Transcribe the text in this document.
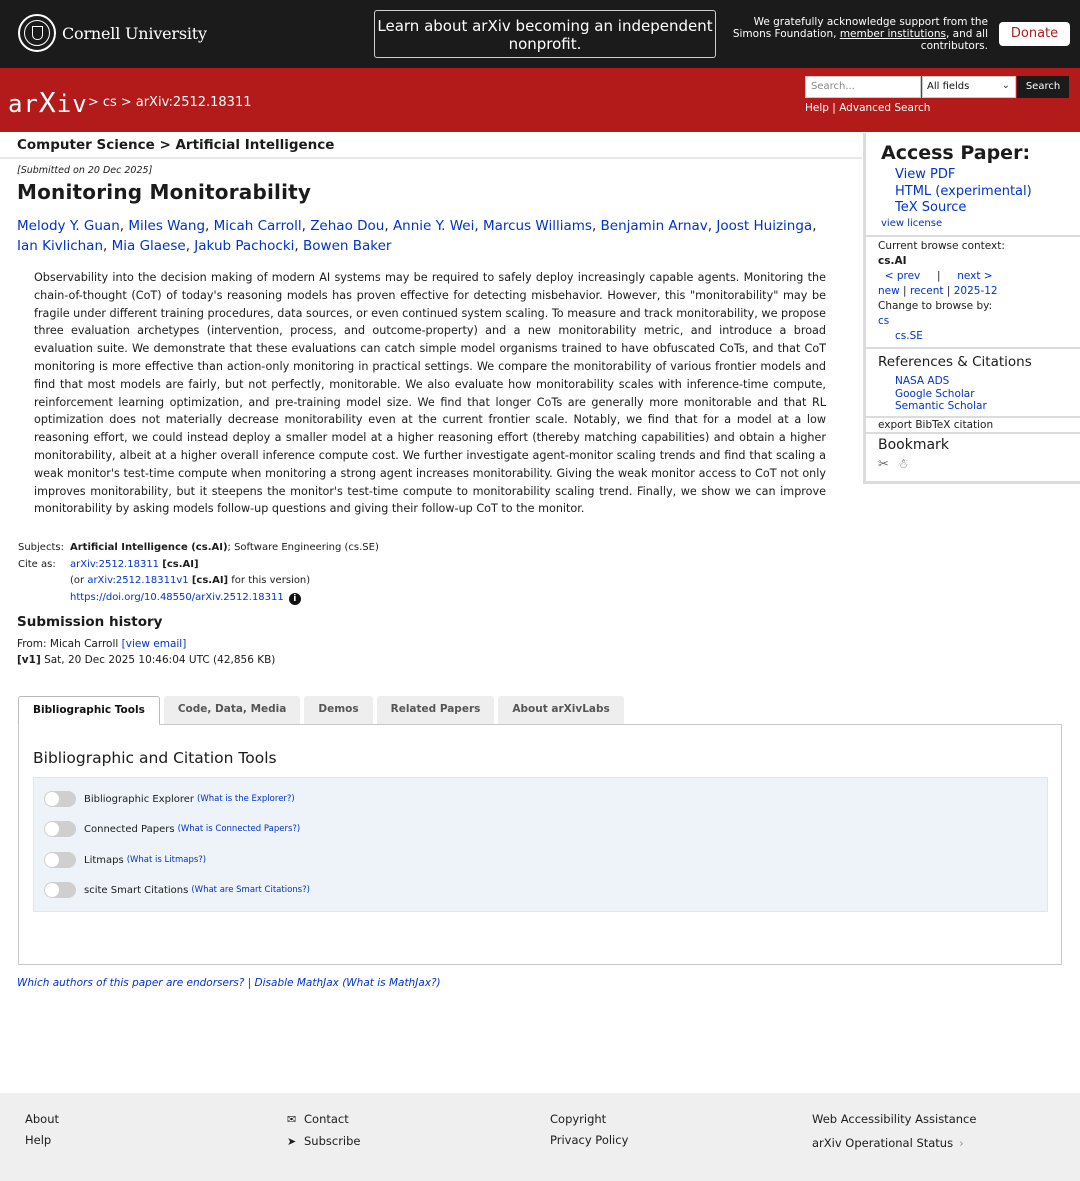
Cornell University	Learn about arXiv becoming an independent nonprofit.
We gratefully acknowledge support from the Simons Foundation, member institutions, and all contributors.
Donate
arXiv > cs > arXiv:2512.18311
Search...	All fields	⌄	Search
Help | Advanced Search
Computer Science > Artificial Intelligence
[Submitted on 20 Dec 2025]
Monitoring Monitorability
Melody Y. Guan, Miles Wang, Micah Carroll, Zehao Dou, Annie Y. Wei, Marcus Williams, Benjamin Arnav, Joost Huizinga, Ian Kivlichan, Mia Glaese, Jakub Pachocki, Bowen Baker
Observability into the decision making of modern AI systems may be required to safely deploy increasingly capable agents. Monitoring the chain-of-thought (CoT) of today's reasoning models has proven effective for detecting misbehavior. However, this "monitorability" may be fragile under different training procedures, data sources, or even continued system scaling. To measure and track monitorability, we propose three evaluation archetypes (intervention, process, and outcome-property) and a new monitorability metric, and introduce a broad evaluation suite. We demonstrate that these evaluations can catch simple model organisms trained to have obfuscated CoTs, and that CoT monitoring is more effective than action-only monitoring in practical settings. We compare the monitorability of various frontier models and find that most models are fairly, but not perfectly, monitorable. We also evaluate how monitorability scales with inference-time compute, reinforcement learning optimization, and pre-training model size. We find that longer CoTs are generally more monitorable and that RL optimization does not materially decrease monitorability even at the current frontier scale. Notably, we find that for a model at a low reasoning effort, we could instead deploy a smaller model at a higher reasoning effort (thereby matching capabilities) and obtain a higher monitorability, albeit at a higher overall inference compute cost. We further investigate agent-monitor scaling trends and find that scaling a weak monitor's test-time compute when monitoring a strong agent increases monitorability. Giving the weak monitor access to CoT not only improves monitorability, but it steepens the monitor's test-time compute to monitorability scaling trend. Finally, we show we can improve monitorability by asking models follow-up questions and giving their follow-up CoT to the monitor.
Subjects: Artificial Intelligence (cs.AI); Software Engineering (cs.SE)
Cite as: arXiv:2512.18311 [cs.AI]
(or arXiv:2512.18311v1 [cs.AI] for this version)
https://doi.org/10.48550/arXiv.2512.18311 i
Submission history
From: Micah Carroll [view email]
[v1] Sat, 20 Dec 2025 10:46:04 UTC (42,856 KB)
Bibliographic Tools	Code, Data, Media	Demos	Related Papers	About arXivLabs
Bibliographic and Citation Tools
Bibliographic Explorer (What is the Explorer?)
Connected Papers (What is Connected Papers?)
Litmaps (What is Litmaps?)
scite Smart Citations (What are Smart Citations?)
Which authors of this paper are endorsers? | Disable MathJax (What is MathJax?)
About
Help
✉ Contact
➤ Subscribe
Copyright
Privacy Policy
Web Accessibility Assistance
arXiv Operational Status ›
Access Paper:
View PDF
HTML (experimental)
TeX Source
view license
Current browse context:
cs.AI
< prev | next >
new | recent | 2025-12
Change to browse by:
cs
cs.SE
References & Citations
NASA ADS
Google Scholar
Semantic Scholar
export BibTeX citation
Bookmark
✂ ☃
